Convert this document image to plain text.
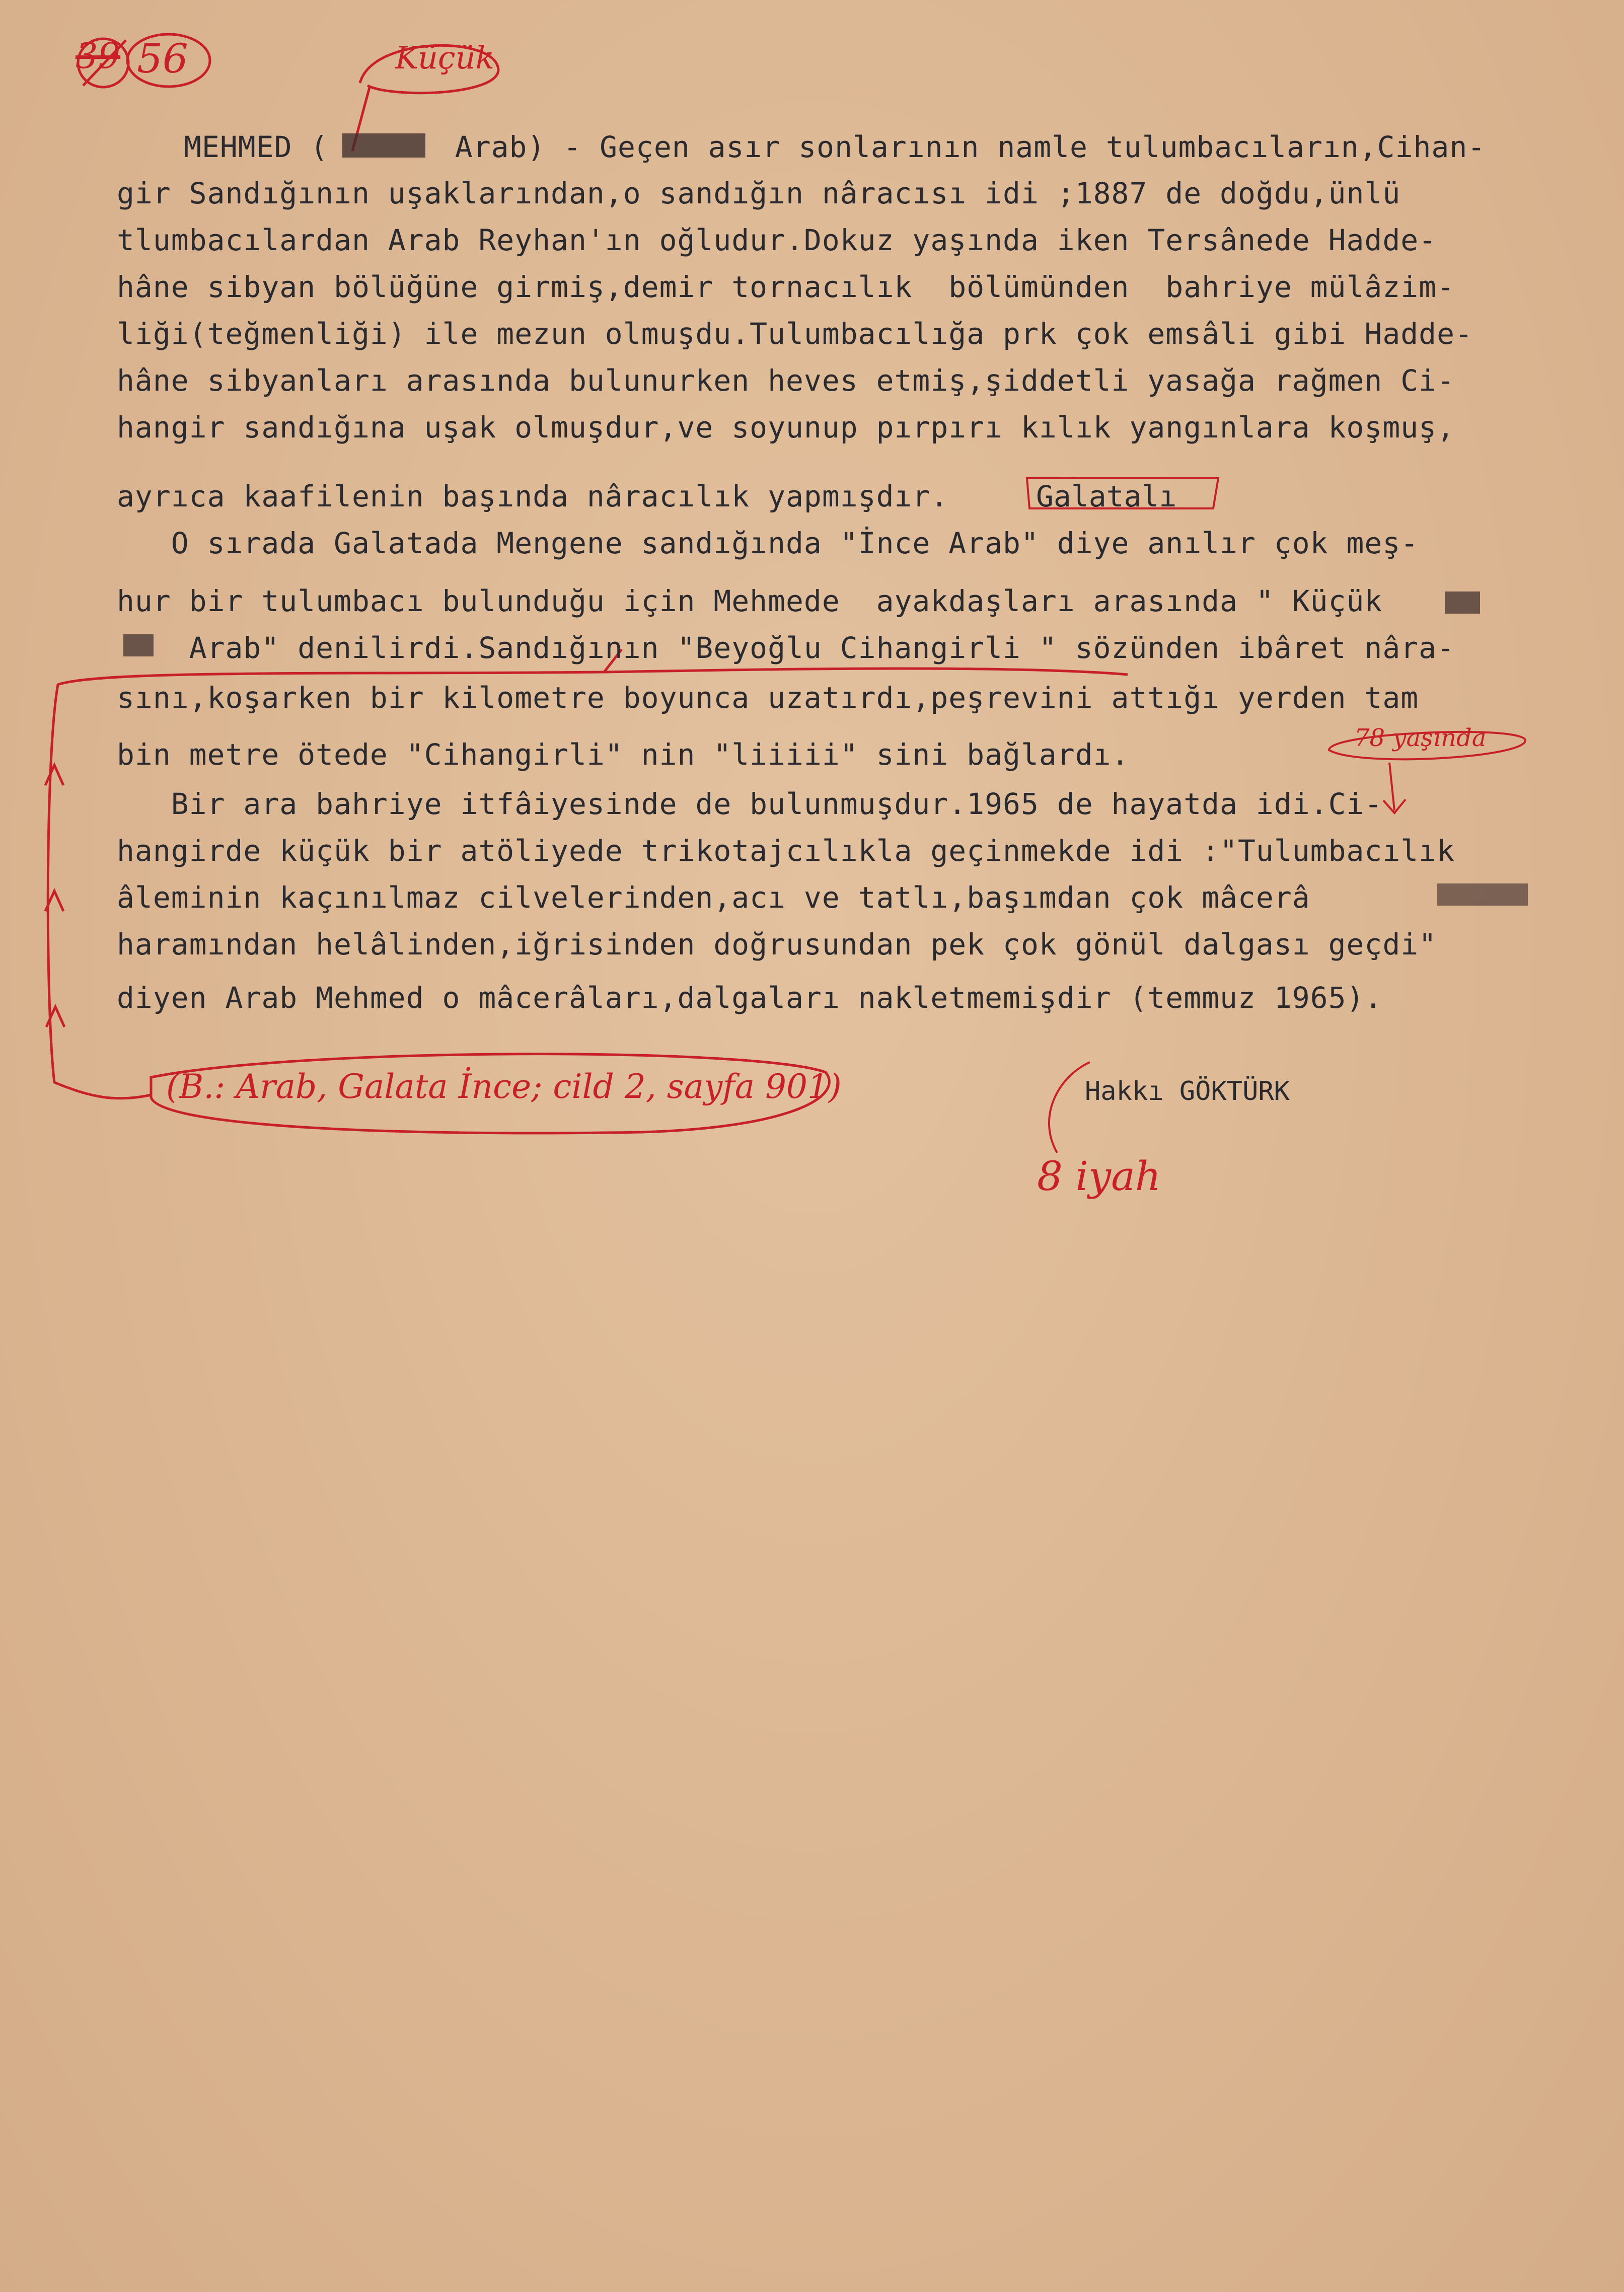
39 56	Küçük

MEHMED (       Arab) - Geçen asır sonlarının namle tulumbacıların,Cihan-

gir Sandığının uşaklarından,o sandığın nâracısı idi ;1887 de doğdu,ünlü

tlumbacılardan Arab Reyhan'ın oğludur.Dokuz yaşında iken Tersânede Hadde-

hâne sibyan bölüğüne girmiş,demir tornacılık  bölümünden  bahriye mülâzim-

liği(teğmenliği) ile mezun olmuşdu.Tulumbacılığa prk çok emsâli gibi Hadde-

hâne sibyanları arasında bulunurken heves etmiş,şiddetli yasağa rağmen Ci-

hangir sandığına uşak olmuşdur,ve soyunup pırpırı kılık yangınlara koşmuş,

ayrıca kaafilenin başında nâracılık yapmışdır.

O sırada Galatada Mengene sandığında "İnce Arab" diye anılır çok meş-

hur bir tulumbacı bulunduğu için Mehmede  ayakdaşları arasında " Küçük

Arab" denilirdi.Sandığının "Beyoğlu Cihangirli " sözünden ibâret nâra-

sını,koşarken bir kilometre boyunca uzatırdı,peşrevini attığı yerden tam

bin metre ötede "Cihangirli" nin "liiiii" sini bağlardı.

Bir ara bahriye itfâiyesinde de bulunmuşdur.1965 de hayatda idi.Ci-

hangirde küçük bir atöliyede trikotajcılıkla geçinmekde idi :"Tulumbacılık

âleminin kaçınılmaz cilvelerinden,acı ve tatlı,başımdan çok mâcerâ

haramından helâlinden,iğrisinden doğrusundan pek çok gönül dalgası geçdi"

diyen Arab Mehmed o mâcerâları,dalgaları nakletmemişdir (temmuz 1965).

Galatalı
78 yaşında
(B.: Arab, Galata İnce; cild 2, sayfa 901)	Hakkı GÖKTÜRK
8 iyah
